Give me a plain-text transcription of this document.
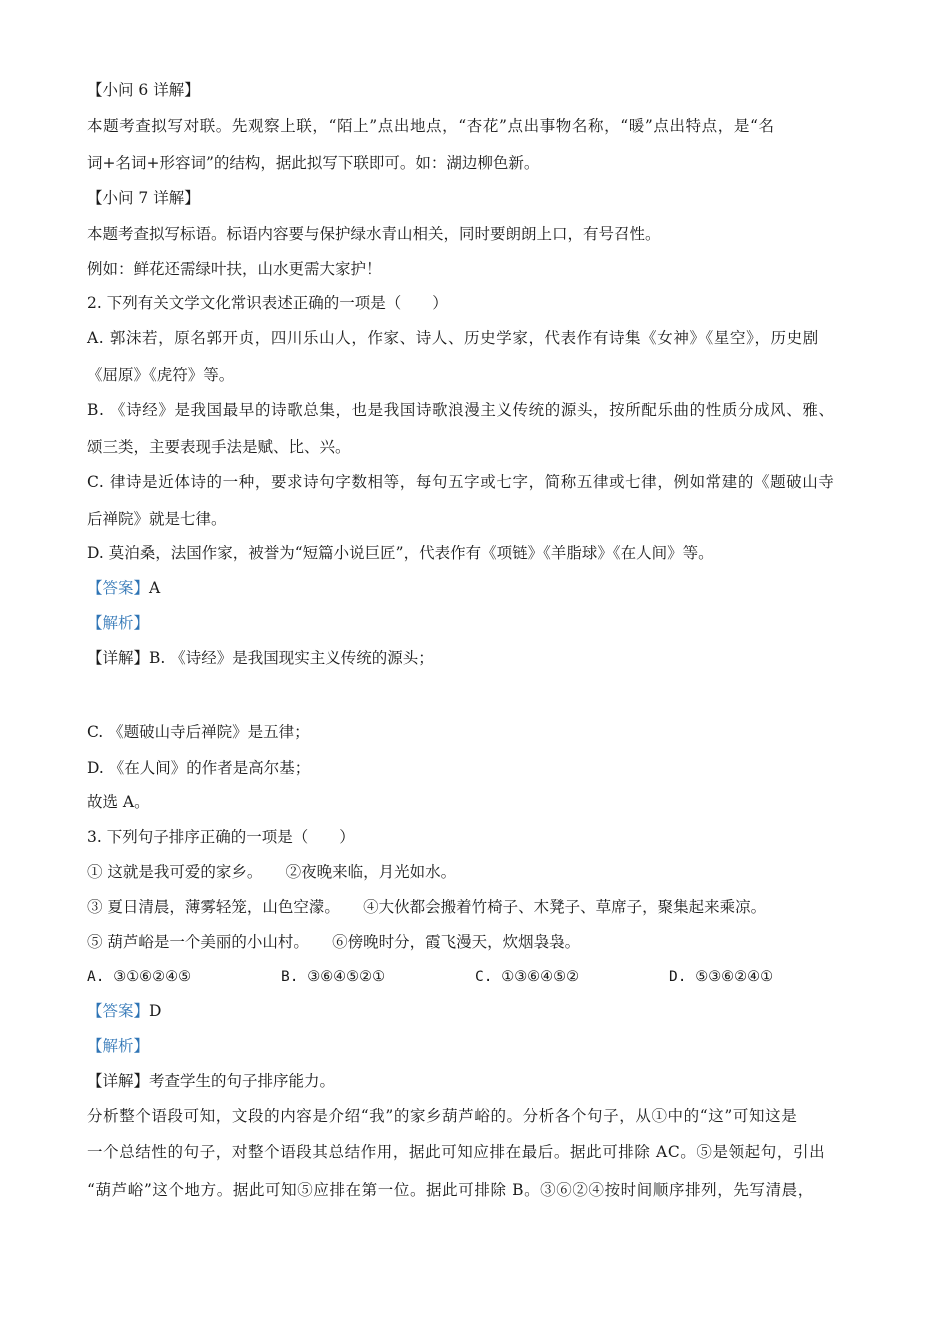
【小问 6 详解】
本题考查拟写对联。先观察上联，“陌上”点出地点，“杏花”点出事物名称，“暖”点出特点，是“名
词+名词+形容词”的结构，据此拟写下联即可。如：湖边柳色新。
【小问 7 详解】
本题考查拟写标语。标语内容要与保护绿水青山相关，同时要朗朗上口，有号召性。
例如：鲜花还需绿叶扶，山水更需大家护！
2. 下列有关文学文化常识表述正确的一项是（　　）
A. 郭沫若，原名郭开贞，四川乐山人，作家、诗人、历史学家，代表作有诗集《女神》《星空》，历史剧
《屈原》《虎符》等。
B. 《诗经》是我国最早的诗歌总集，也是我国诗歌浪漫主义传统的源头，按所配乐曲的性质分成风、雅、
颂三类，主要表现手法是赋、比、兴。
C. 律诗是近体诗的一种，要求诗句字数相等，每句五字或七字，简称五律或七律，例如常建的《题破山寺
后禅院》就是七律。
D. 莫泊桑，法国作家，被誉为“短篇小说巨匠”，代表作有《项链》《羊脂球》《在人间》等。
【答案】A
【解析】
【详解】B. 《诗经》是我国现实主义传统的源头；
C. 《题破山寺后禅院》是五律；
D. 《在人间》的作者是高尔基；
故选 A。
3. 下列句子排序正确的一项是（　　）
① 这就是我可爱的家乡。　　②夜晚来临，月光如水。
③ 夏日清晨，薄雾轻笼，山色空濛。　　④大伙都会搬着竹椅子、木凳子、草席子，聚集起来乘凉。
⑤ 葫芦峪是一个美丽的小山村。　　⑥傍晚时分，霞飞漫天，炊烟袅袅。
A. ③①⑥②④⑤	B. ③⑥④⑤②①	C. ①③⑥④⑤②	D. ⑤③⑥②④①
【答案】D
【解析】
【详解】考查学生的句子排序能力。
分析整个语段可知，文段的内容是介绍“我”的家乡葫芦峪的。分析各个句子，从①中的“这”可知这是
一个总结性的句子，对整个语段其总结作用，据此可知应排在最后。据此可排除 AC。⑤是领起句，引出
“葫芦峪”这个地方。据此可知⑤应排在第一位。据此可排除 B。③⑥②④按时间顺序排列，先写清晨，
